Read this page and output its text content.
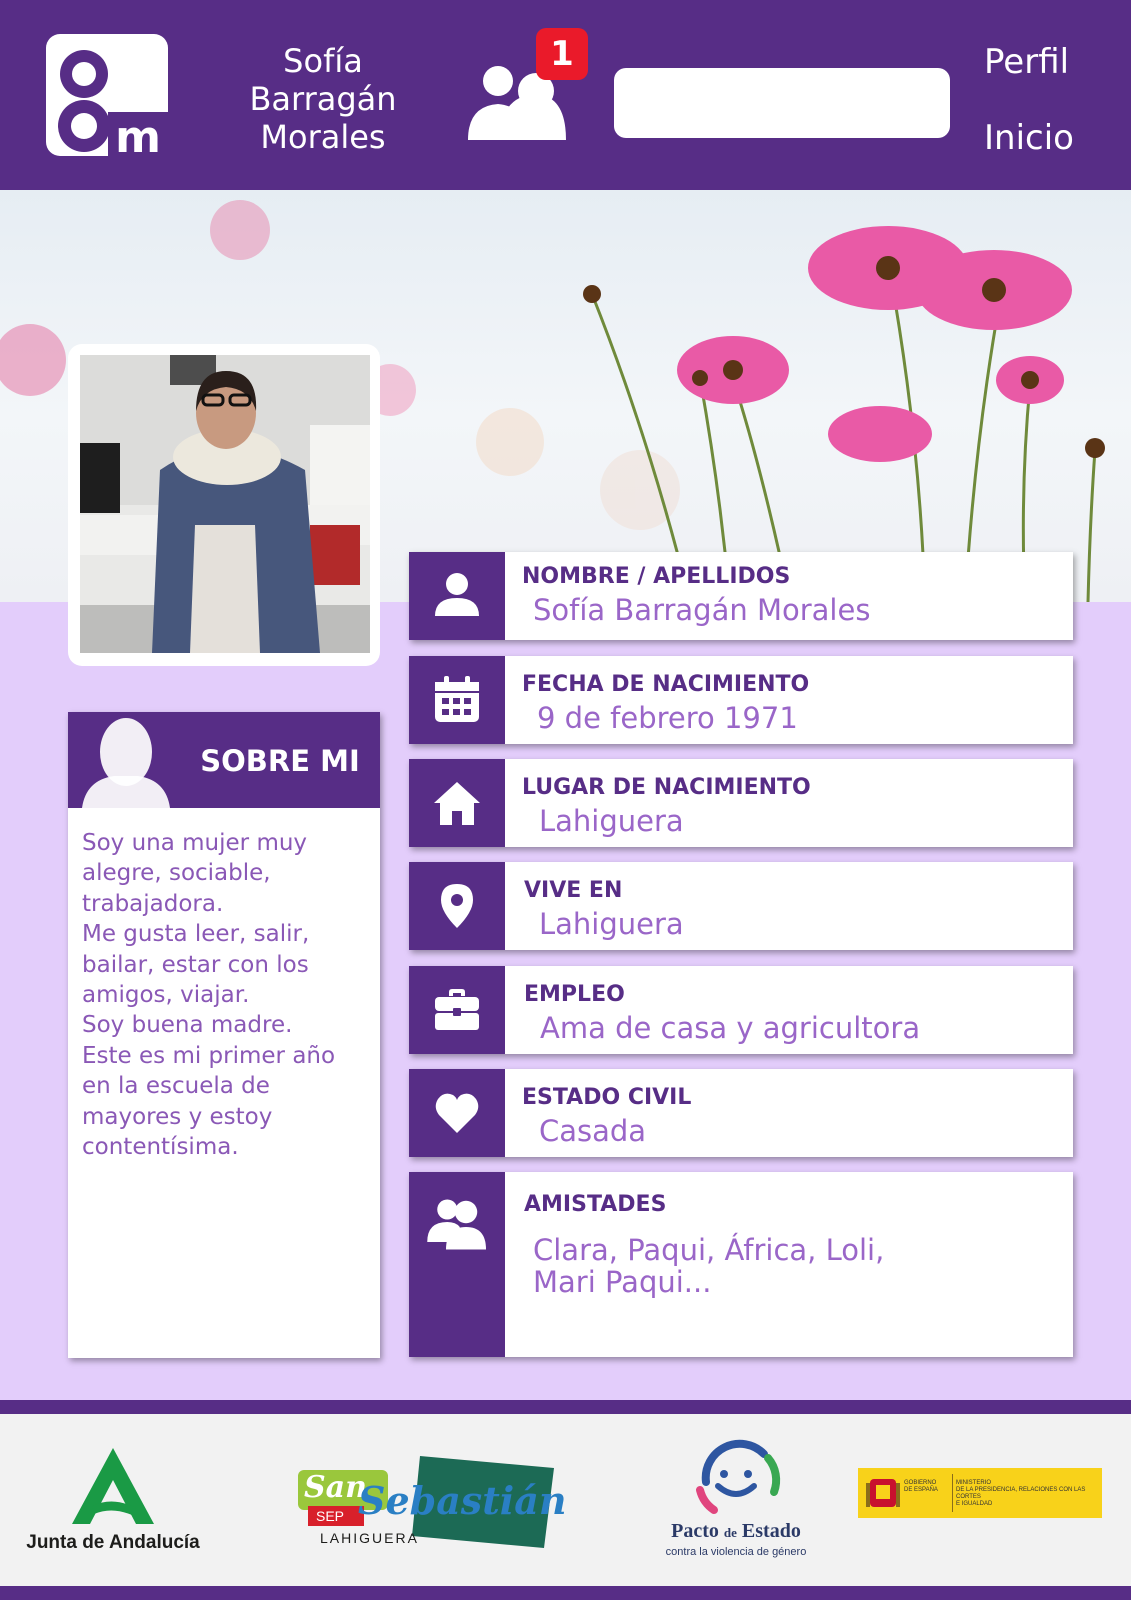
m
Sofía
Barragán
Morales
1	Perfil
Inicio
SOBRE MI
Soy una mujer muy
alegre, sociable,
trabajadora.
Me gusta leer, salir,
bailar, estar con los
amigos, viajar.
Soy buena madre.
Este es mi primer año
en la escuela de
mayores y estoy
contentísima.
NOMBRE / APELLIDOS
Sofía Barragán Morales
FECHA DE NACIMIENTO
9 de febrero 1971
LUGAR DE NACIMIENTO
Lahiguera
VIVE EN
Lahiguera
EMPLEO
Ama de casa y agricultora
ESTADO CIVIL
Casada
AMISTADES
Clara, Paqui, África, Loli,
Mari Paqui...
Junta de Andalucía
San
Sebastián
SEP
LAHIGUERA	Pacto de Estado
contra la violencia de género
GOBIERNO
DE ESPAÑA
MINISTERIO
DE LA PRESIDENCIA, RELACIONES CON LAS CORTES
E IGUALDAD
